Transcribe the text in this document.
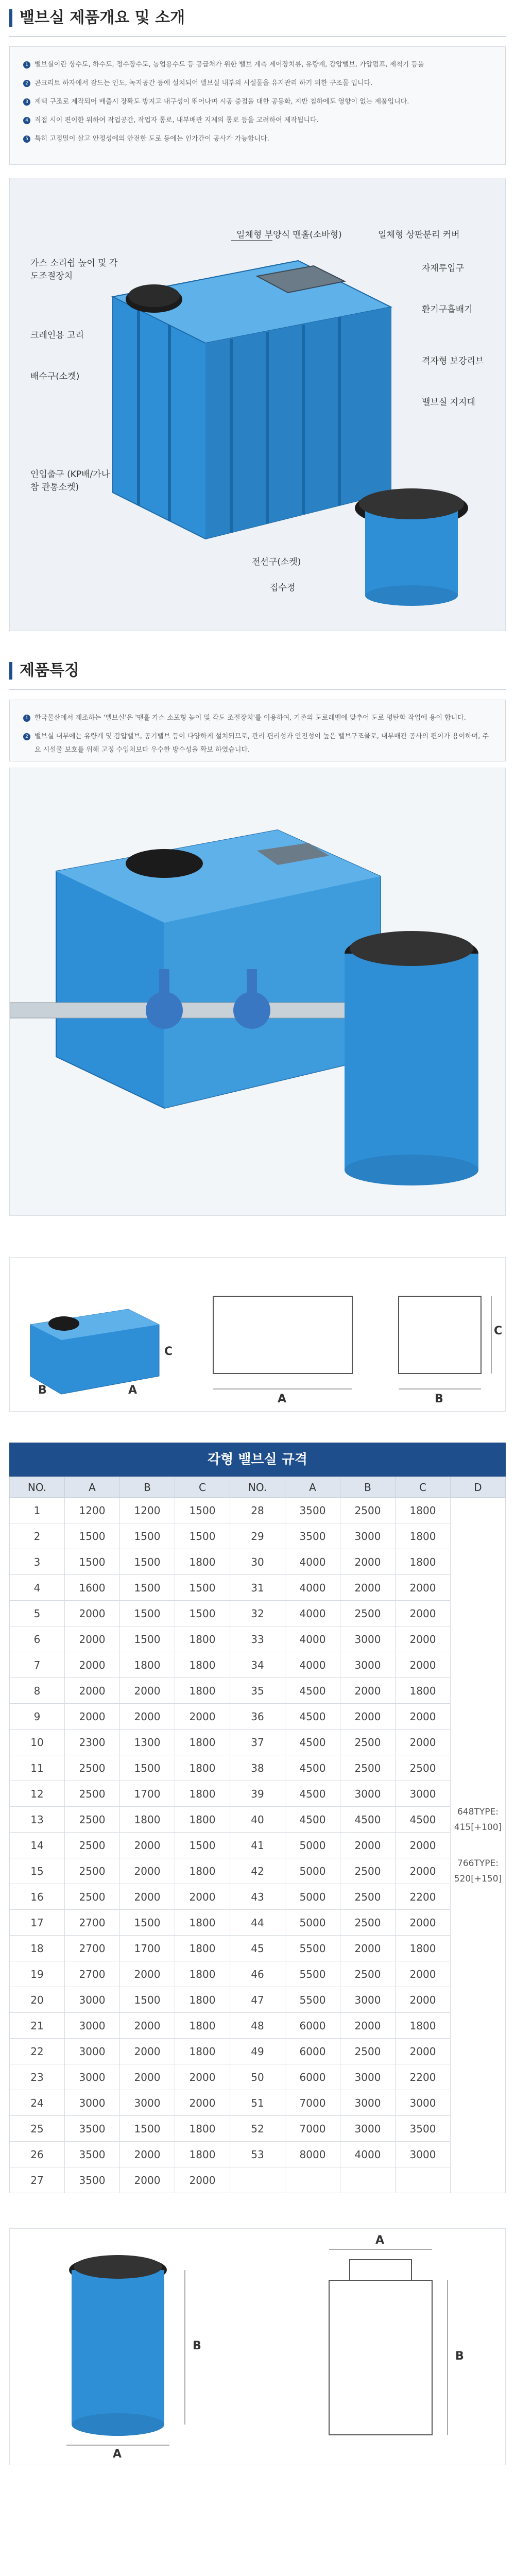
밸브실 제품개요 및 소개
1 밸브실이란 상수도, 하수도, 정수장수도, 농업용수도 등 공급처가 위한 밸브 계측 제어장치류, 유량계, 감압밸브, 가압펌프, 제척기 등을
2 콘크리트 하자에서 잠드는 인도, 녹지공간 등에 설치되어 밸브실 내부의 시설물을 유지관리 하기 위한 구조물 입니다.
3 제택 구조로 제작되어 배출시 장확도 방지고 내구성이 뛰어나며 시공 중점을 대한 공동화, 지반 침하에도 영향이 없는 제품입니다.
4 직접 시이 편이한 위하여 작업공간, 작업자 통로, 내부배관 지제의 통로 등을 고려하여 제작됩니다.
5 특히 고정밀이 살고 안정성에의 안전한 도로 등에는 인가간이 공사가 가능합니다.
일체형 부양식 맨홀(소바형)	일체형 상판분리 커버
가스 소리쉽 높이 및 각도조절장치
크레인용 고리
배수구(소켓)
인입출구 (KP배/가나참 관통소켓)
자재투입구
환기구흡배기
격자형 보강리브
밸브실 지지대
전선구(소켓)
집수정
제품특징
1 한국물산에서 제조하는 '밸브실'은 '맨홀 가스 소포형 높이 및 각도 조절장치'를 이용하여, 기존의 도로레벨에 맞추어 도로 평탄화 작업에 용이 합니다.
2 밸브실 내부에는 유량계 및 감압밸브, 공기밸브 등이 다양하게 설치되므로, 관리 편리성과 안전성이 높은 밸브구조물로, 내부배관 공사의 편이가 용이하며, 주요 시설물 보호를 위해 고정 수입처보다 우수한 방수성을 확보 하였습니다.
A
B
C
A	B
C
각형 밸브실 규격
NO.	A	B	C	NO.	A	B	C	D
1	1200	1200	1500	28	3500	2500	1800	648TYPE: 415[+100]
766TYPE: 520[+150]

2	1500	1500	1500	29	3500	3000	1800	
3	1500	1500	1800	30	4000	2000	1800	
4	1600	1500	1500	31	4000	2000	2000	
5	2000	1500	1500	32	4000	2500	2000	
6	2000	1500	1800	33	4000	3000	2000	
7	2000	1800	1800	34	4000	3000	2000	
8	2000	2000	1800	35	4500	2000	1800	
9	2000	2000	2000	36	4500	2000	2000	
10	2300	1300	1800	37	4500	2500	2000	
11	2500	1500	1800	38	4500	2500	2500	
12	2500	1700	1800	39	4500	3000	3000	
13	2500	1800	1800	40	4500	4500	4500	
14	2500	2000	1500	41	5000	2000	2000	
15	2500	2000	1800	42	5000	2500	2000	
16	2500	2000	2000	43	5000	2500	2200	
17	2700	1500	1800	44	5000	2500	2000	
18	2700	1700	1800	45	5500	2000	1800	
19	2700	2000	1800	46	5500	2500	2000	
20	3000	1500	1800	47	5500	3000	2000	
21	3000	2000	1800	48	6000	2000	1800	
22	3000	2000	1800	49	6000	2500	2000	
23	3000	2000	2000	50	6000	3000	2200	
24	3000	3000	2000	51	7000	3000	3000	
25	3500	1500	1800	52	7000	3000	3500	
26	3500	2000	1800	53	8000	4000	3000	
27	3500	2000	2000					
A
B
A
B
